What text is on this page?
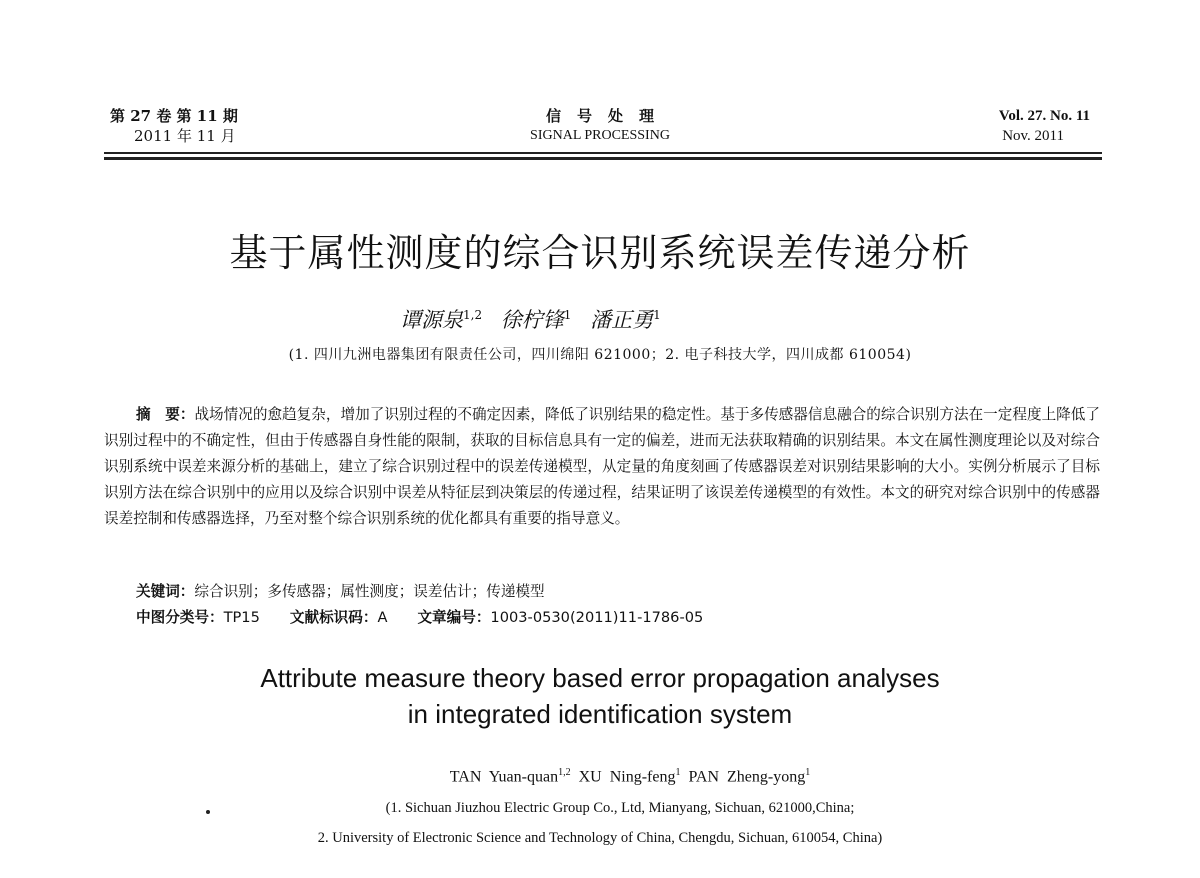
第 27 卷 第 11 期
2011 年 11 月
信号处理
SIGNAL PROCESSING
Vol. 27. No. 11
Nov. 2011
基于属性测度的综合识别系统误差传递分析
谭源泉$^{1,2}$ 徐柠锋$^1$ 潘正勇$^1$
(1. 四川九洲电器集团有限责任公司，四川绵阳 621000；2. 电子科技大学，四川成都 610054)
摘　要：战场情况的愈趋复杂，增加了识别过程的不确定因素，降低了识别结果的稳定性。基于多传感器信息融合的综合识别方法在一定程度上降低了识别过程中的不确定性，但由于传感器自身性能的限制，获取的目标信息具有一定的偏差，进而无法获取精确的识别结果。本文在属性测度理论以及对综合识别系统中误差来源分析的基础上，建立了综合识别过程中的误差传递模型，从定量的角度刻画了传感器误差对识别结果影响的大小。实例分析展示了目标识别方法在综合识别中的应用以及综合识别中误差从特征层到决策层的传递过程，结果证明了该误差传递模型的有效性。本文的研究对综合识别中的传感器误差控制和传感器选择，乃至对整个综合识别系统的优化都具有重要的指导意义。
关键词：综合识别；多传感器；属性测度；误差估计；传递模型
中图分类号：TP15 文献标识码：A 文章编号：1003-0530(2011)11-1786-05
Attribute measure theory based error propagation analyses
in integrated identification system
TAN Yuan-quan$^{1,2}$ XU Ning-feng$^1$ PAN Zheng-yong$^1$
(1. Sichuan Jiuzhou Electric Group Co., Ltd, Mianyang, Sichuan, 621000,China;
2. University of Electronic Science and Technology of China, Chengdu, Sichuan, 610054, China)
